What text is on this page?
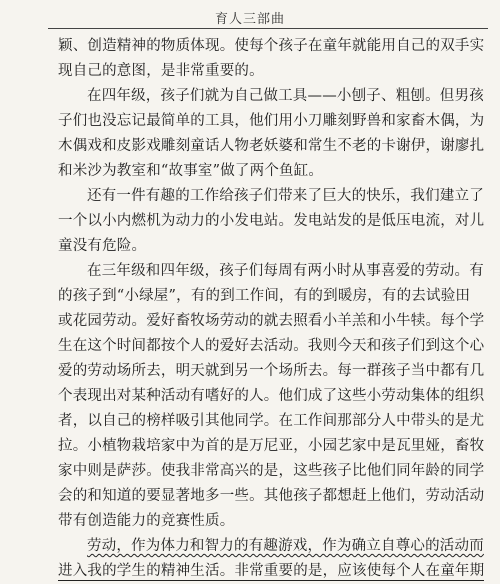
育人三部曲
颖、创造精神的物质体现。使每个孩子在童年就能用自己的双手实
现自己的意图，是非常重要的。
在四年级，孩子们就为自己做工具——小刨子、粗刨。但男孩
子们也没忘记最简单的工具，他们用小刀雕刻野兽和家畜木偶，为
木偶戏和皮影戏雕刻童话人物老妖婆和常生不老的卡谢伊，谢廖扎
和米沙为教室和“故事室”做了两个鱼缸。
还有一件有趣的工作给孩子们带来了巨大的快乐，我们建立了
一个以小内燃机为动力的小发电站。发电站发的是低压电流，对儿
童没有危险。
在三年级和四年级，孩子们每周有两小时从事喜爱的劳动。有
的孩子到“小绿屋”，有的到工作间，有的到暖房，有的去试验田
或花园劳动。爱好畜牧场劳动的就去照看小羊羔和小牛犊。每个学
生在这个时间都按个人的爱好去活动。我则今天和孩子们到这个心
爱的劳动场所去，明天就到另一个场所去。每一群孩子当中都有几
个表现出对某种活动有嗜好的人。他们成了这些小劳动集体的组织
者，以自己的榜样吸引其他同学。在工作间那部分人中带头的是尤
拉。小植物栽培家中为首的是万尼亚，小园艺家中是瓦里娅，畜牧
家中则是萨莎。使我非常高兴的是，这些孩子比他们同年龄的同学
会的和知道的要显著地多一些。其他孩子都想赶上他们，劳动活动
带有创造能力的竞赛性质。
劳动，作为体力和智力的有趣游戏，作为确立自尊心的活动而
进入我的学生的精神生活。非常重要的是，应该使每个人在童年期
